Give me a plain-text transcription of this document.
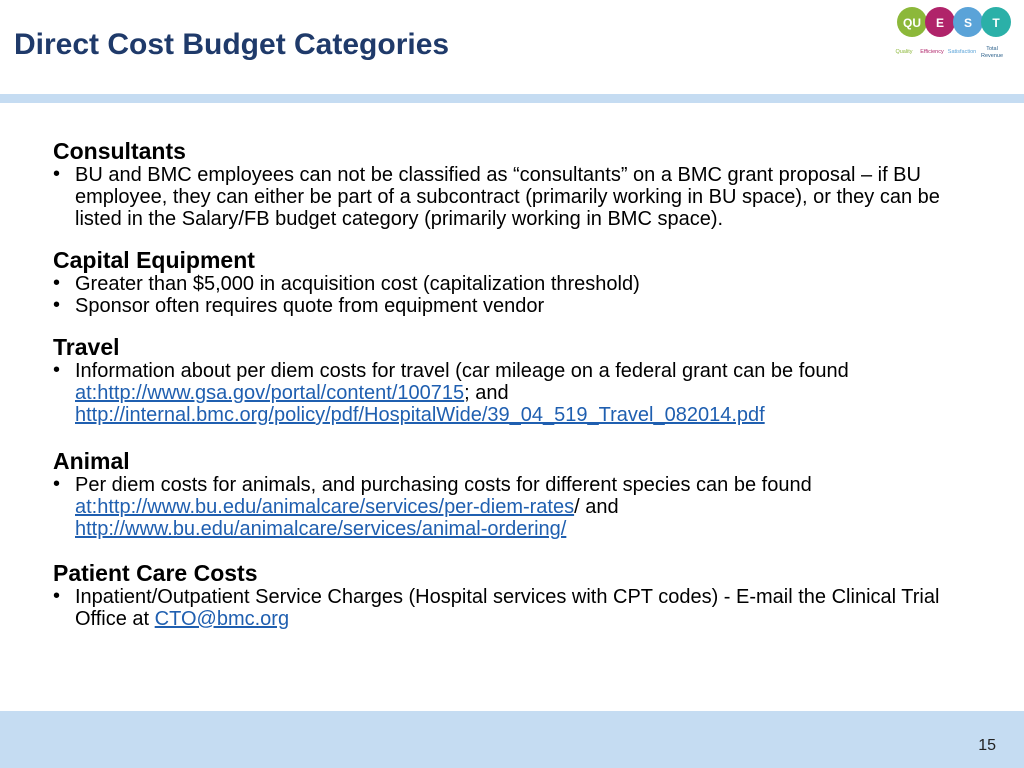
Direct Cost Budget Categories
QU E S T
Quality Efficiency Satisfaction Total
Revenue
Consultants
• BU and BMC employees can not be classified as “consultants” on a BMC grant proposal – if BU employee, they can either be part of a subcontract (primarily working in BU space), or they can be listed in the Salary/FB budget category (primarily working in BMC space).
Capital Equipment
• Greater than $5,000 in acquisition cost (capitalization threshold)
• Sponsor often requires quote from equipment vendor
Travel
• Information about per diem costs for travel (car mileage on a federal grant can be found at:http://www.gsa.gov/portal/content/100715; and http://internal.bmc.org/policy/pdf/HospitalWide/39_04_519_Travel_082014.pdf
Animal
• Per diem costs for animals, and purchasing costs for different species can be found at:http://www.bu.edu/animalcare/services/per-diem-rates/ and http://www.bu.edu/animalcare/services/animal-ordering/
Patient Care Costs
• Inpatient/Outpatient Service Charges (Hospital services with CPT codes) - E-mail the Clinical Trial Office at CTO@bmc.org
15
